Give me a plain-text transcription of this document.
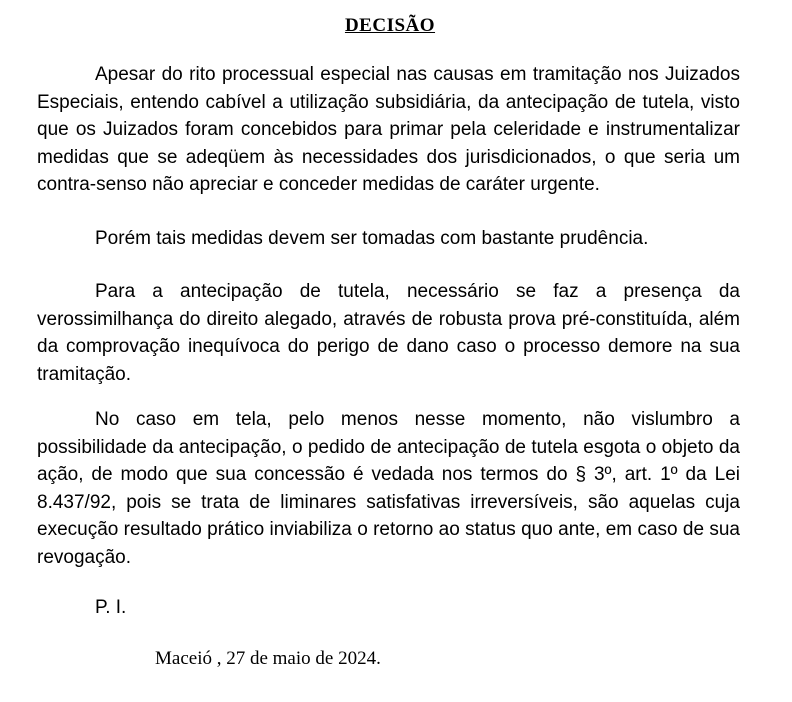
DECISÃO

Apesar do rito processual especial nas causas em tramitação nos Juizados Especiais, entendo cabível a utilização subsidiária, da antecipação de tutela, visto que os Juizados foram concebidos para primar pela celeridade e instrumentalizar medidas que se adeqüem às necessidades dos jurisdicionados, o que seria um contra-senso não apreciar e conceder medidas de caráter urgente.

Porém tais medidas devem ser tomadas com bastante prudência.

Para a antecipação de tutela, necessário se faz a presença da verossimilhança do direito alegado, através de robusta prova pré-constituída, além da comprovação inequívoca do perigo de dano caso o processo demore na sua tramitação.

No caso em tela, pelo menos nesse momento, não vislumbro a possibilidade da antecipação, o pedido de antecipação de tutela esgota o objeto da ação, de modo que sua concessão é vedada nos termos do § 3º, art. 1º da Lei 8.437/92, pois se trata de liminares satisfativas irreversíveis, são aquelas cuja execução resultado prático inviabiliza o retorno ao status quo ante, em caso de sua revogação.

P. I.

Maceió , 27 de maio de 2024.
